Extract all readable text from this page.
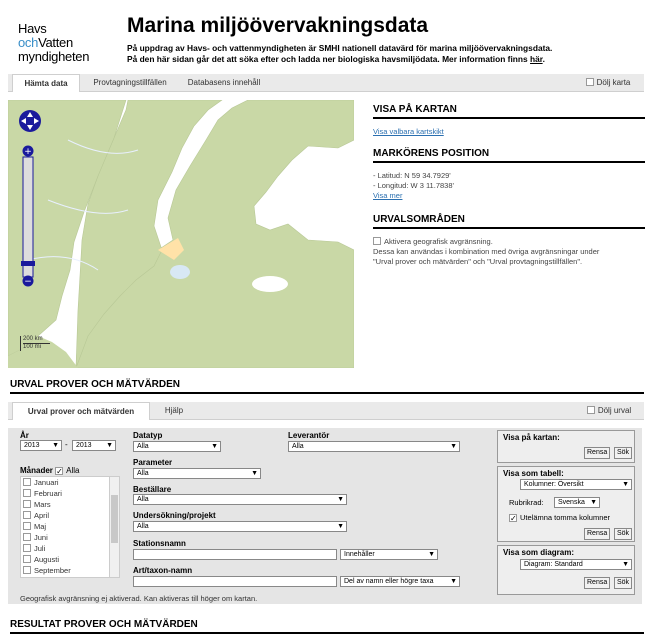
Havs
ochVatten
myndigheten
Marina miljöövervakningsdata
På uppdrag av Havs- och vattenmyndigheten är SMHI nationell datavärd för marina miljöövervakningsdata.
På den här sidan går det att söka efter och ladda ner biologiska havsmiljödata. Mer information finns här.
Hämta data	Provtagningstillfällen	Databasens innehåll	Dölj karta
+
−
200 km
100 mi
VISA PÅ KARTAN
Visa valbara kartskikt
MARKÖRENS POSITION
- Latitud: N 59 34.7929'
- Longitud: W 3 11.7838'
Visa mer
URVALSOMRÅDEN
Aktivera geografisk avgränsning.
Dessa kan användas i kombination med övriga avgränsningar under
"Urval prover och mätvärden" och "Urval provtagningstillfällen".
URVAL PROVER OCH MÄTVÄRDEN
Urval prover och mätvärden	Hjälp	Dölj urval
År
2013 ▼	-	2013 ▼
Månader ✓ Alla
Januari
Februari
Mars
April
Maj
Juni
Juli
Augusti
September
Datatyp
Alla ▼
Leverantör
Alla ▼
Parameter
Alla ▼
Beställare
Alla ▼
Undersökning/projekt
Alla ▼
Stationsnamn
Innehåller ▼
Art/taxon-namn
Del av namn eller högre taxa ▼
Geografisk avgränsning ej aktiverad. Kan aktiveras till höger om kartan.
Visa på kartan:
Rensa	Sök
Visa som tabell:
Kolumner: Översikt ▼
Rubrikrad:	Svenska ▼
✓Utelämna tomma kolumner
Rensa	Sök
Visa som diagram:
Diagram: Standard ▼
Rensa	Sök
RESULTAT PROVER OCH MÄTVÄRDEN
